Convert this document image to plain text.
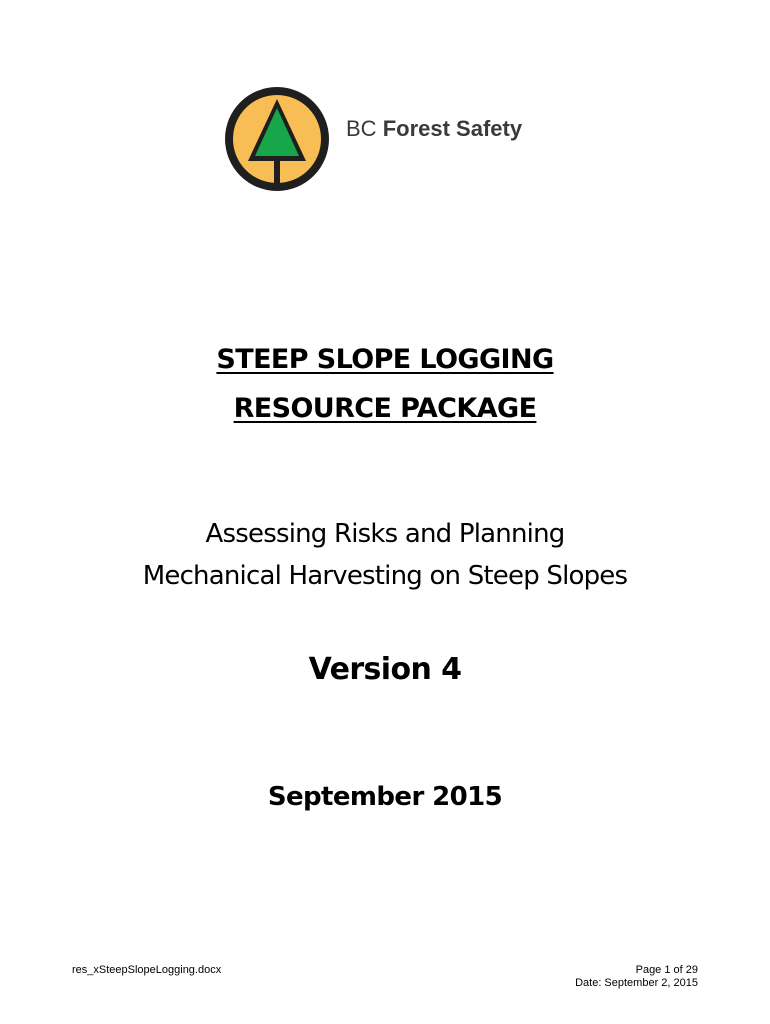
BC Forest Safety
STEEP SLOPE LOGGING
RESOURCE PACKAGE
Assessing Risks and Planning
Mechanical Harvesting on Steep Slopes
Version 4
September 2015
res_xSteepSlopeLogging.docx	Page 1 of 29
Date: September 2, 2015
